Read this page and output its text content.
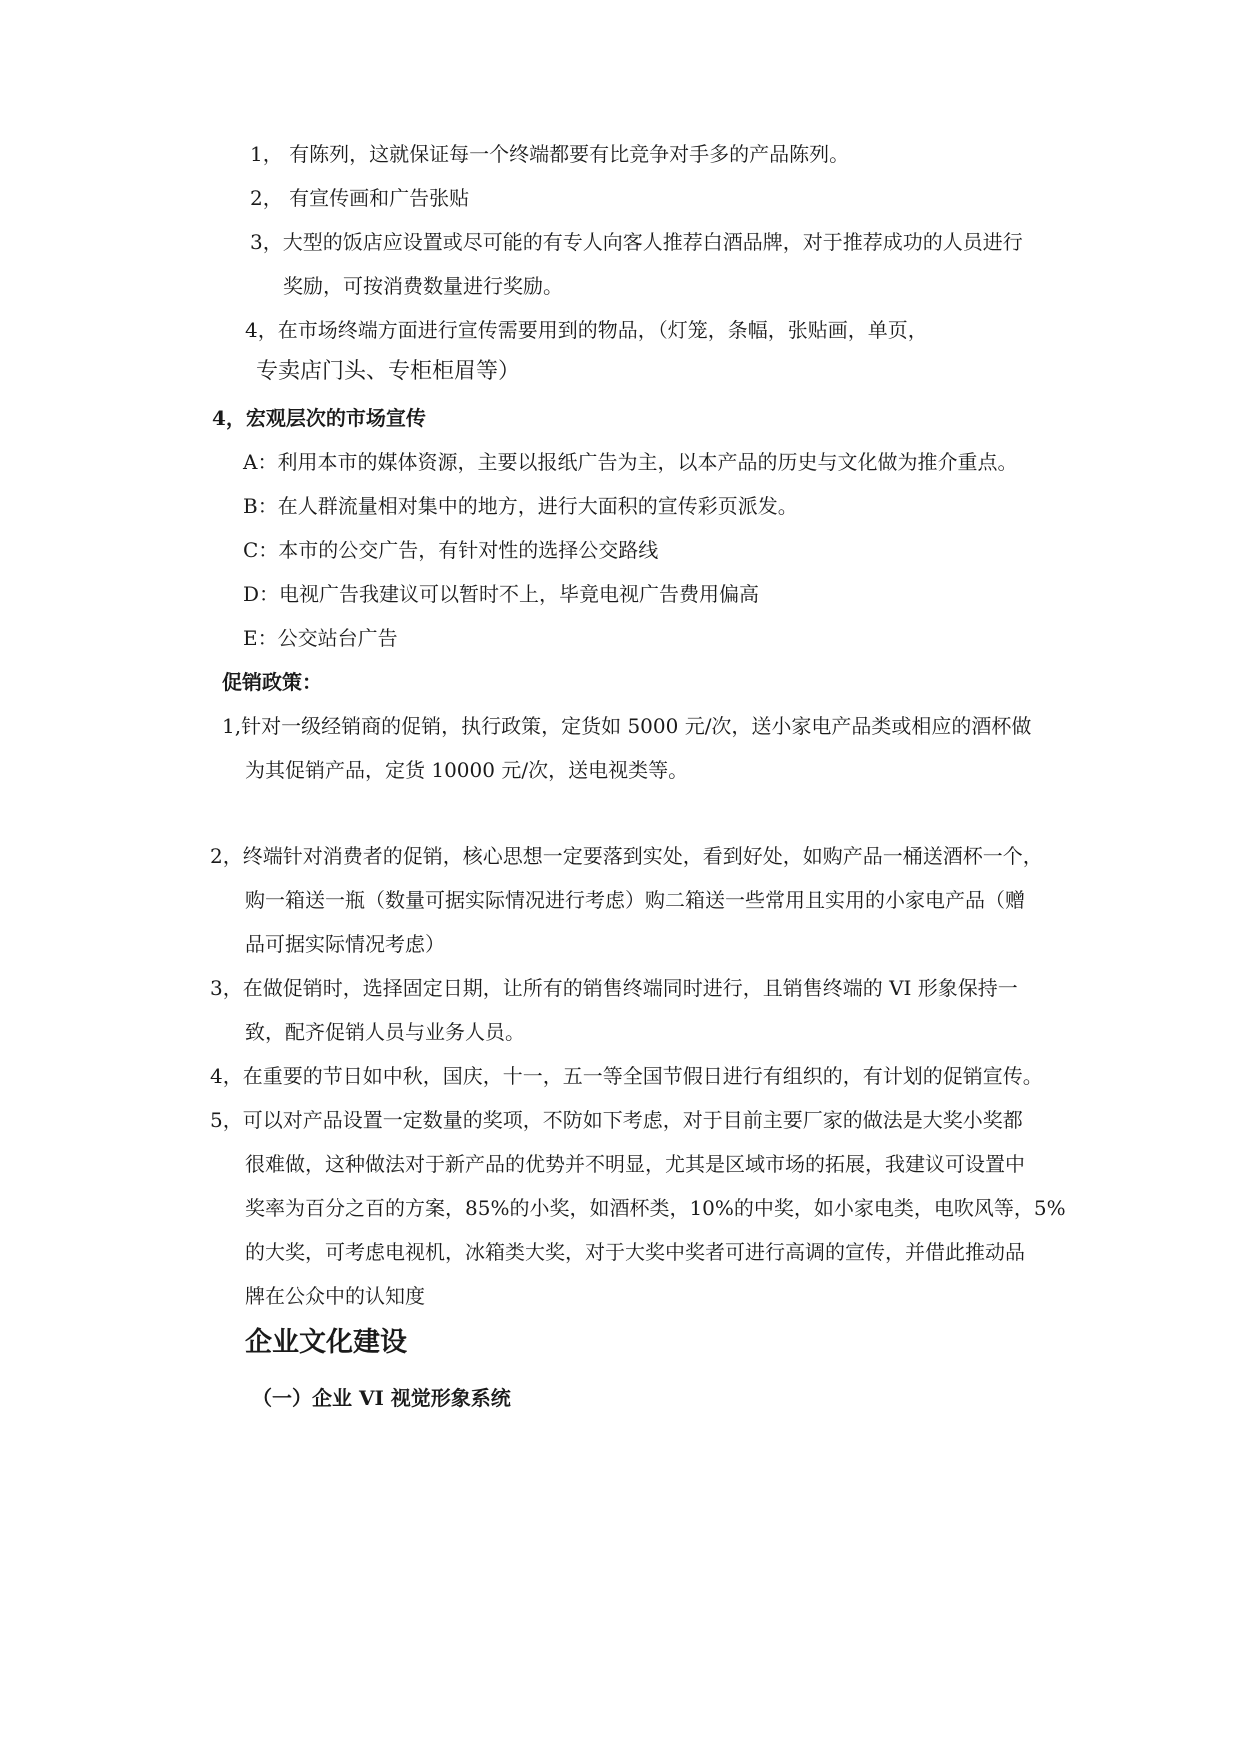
1， 有陈列，这就保证每一个终端都要有比竞争对手多的产品陈列。
2， 有宣传画和广告张贴
3，大型的饭店应设置或尽可能的有专人向客人推荐白酒品牌，对于推荐成功的人员进行
奖励，可按消费数量进行奖励。
4，在市场终端方面进行宣传需要用到的物品，（灯笼，条幅，张贴画，单页，
专卖店门头、专柜柜眉等）
4，宏观层次的市场宣传
A：利用本市的媒体资源，主要以报纸广告为主，以本产品的历史与文化做为推介重点。
B：在人群流量相对集中的地方，进行大面积的宣传彩页派发。
C：本市的公交广告，有针对性的选择公交路线
D：电视广告我建议可以暂时不上，毕竟电视广告费用偏高
E：公交站台广告
促销政策：
1,针对一级经销商的促销，执行政策，定货如 5000 元/次，送小家电产品类或相应的酒杯做
为其促销产品，定货 10000 元/次，送电视类等。
2，终端针对消费者的促销，核心思想一定要落到实处，看到好处，如购产品一桶送酒杯一个，
购一箱送一瓶（数量可据实际情况进行考虑）购二箱送一些常用且实用的小家电产品（赠
品可据实际情况考虑）
3，在做促销时，选择固定日期，让所有的销售终端同时进行，且销售终端的 VI 形象保持一
致，配齐促销人员与业务人员。
4，在重要的节日如中秋，国庆，十一，五一等全国节假日进行有组织的，有计划的促销宣传。
5，可以对产品设置一定数量的奖项，不防如下考虑，对于目前主要厂家的做法是大奖小奖都
很难做，这种做法对于新产品的优势并不明显，尤其是区域市场的拓展，我建议可设置中
奖率为百分之百的方案，85%的小奖，如酒杯类，10%的中奖，如小家电类，电吹风等，5%
的大奖，可考虑电视机，冰箱类大奖，对于大奖中奖者可进行高调的宣传，并借此推动品
牌在公众中的认知度
企业文化建设
（一）企业 VI 视觉形象系统
